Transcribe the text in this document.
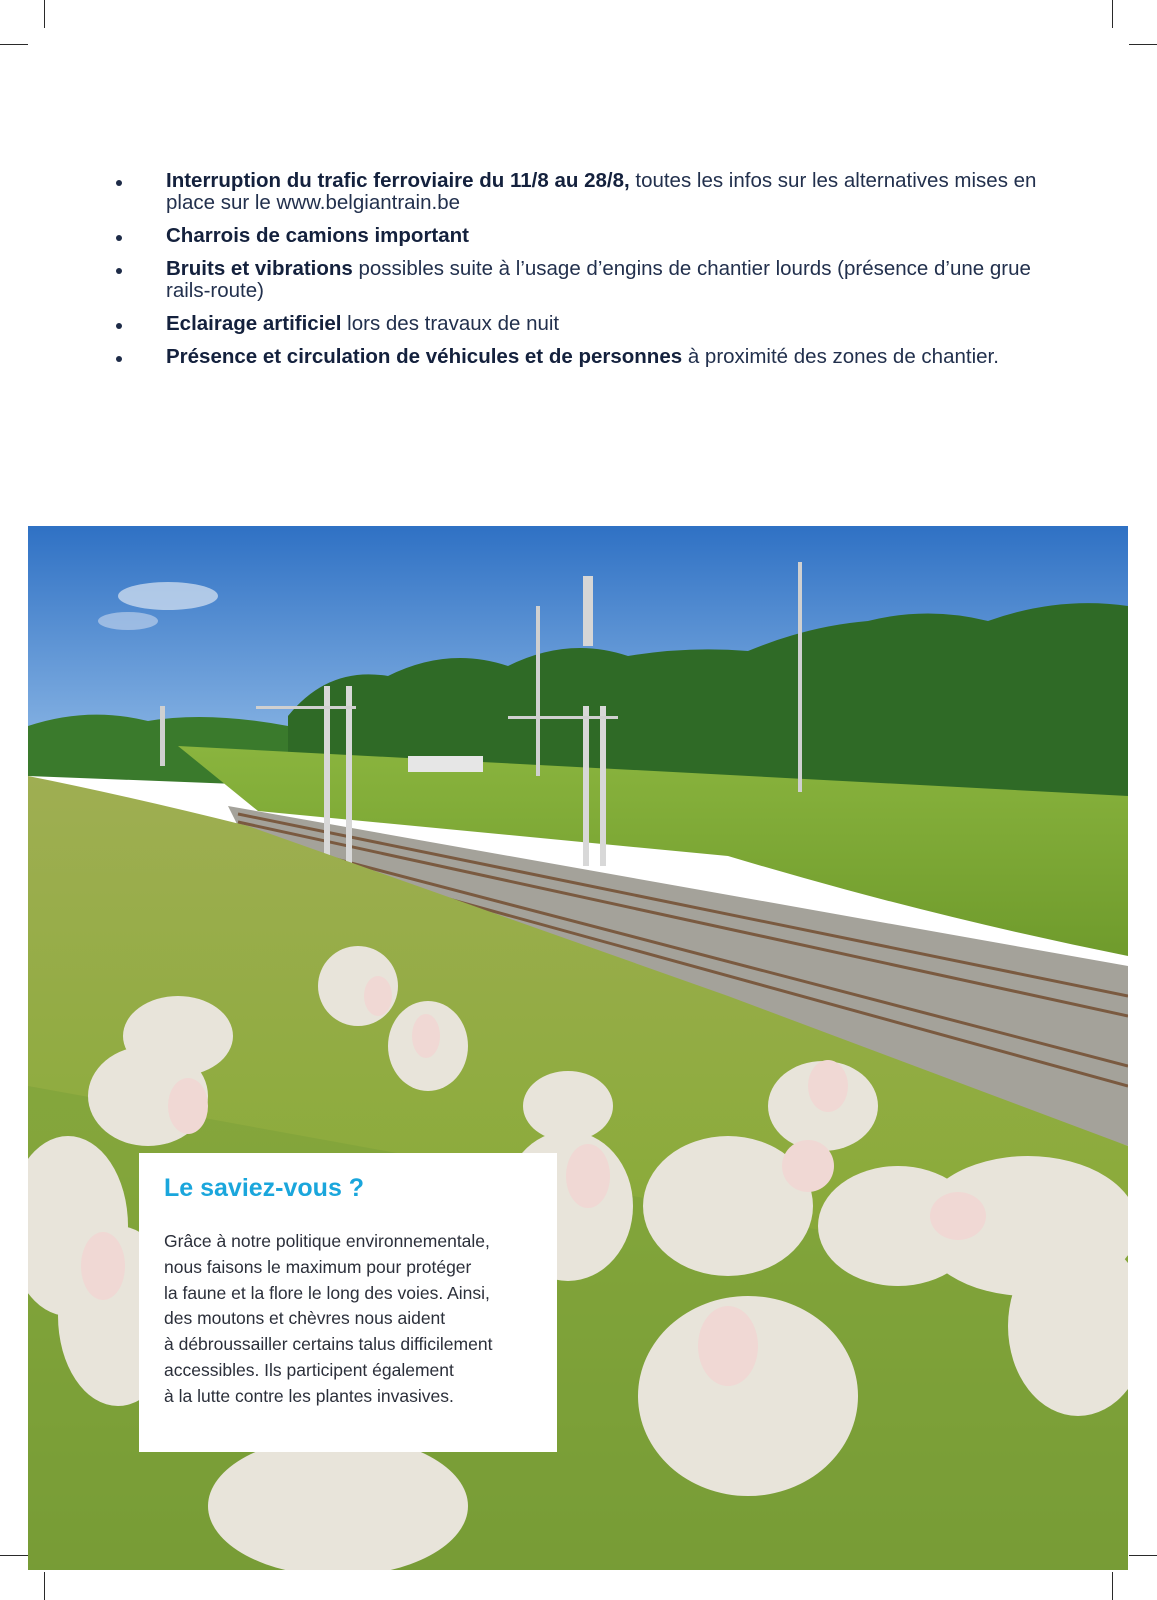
Interruption du trafic ferroviaire du 11/8 au 28/8, toutes les infos sur les alternatives mises en place sur le www.belgiantrain.be
Charrois de camions important
Bruits et vibrations possibles suite à l’usage d’engins de chantier lourds (présence d’une grue rails-route)
Eclairage artificiel lors des travaux de nuit
Présence et circulation de véhicules et de personnes à proximité des zones de chantier.
Le saviez-vous ?

Grâce à notre politique environnementale,
nous faisons le maximum pour protéger
la faune et la flore le long des voies. Ainsi,
des moutons et chèvres nous aident
à débroussailler certains talus difficilement
accessibles. Ils participent également
à la lutte contre les plantes invasives.
